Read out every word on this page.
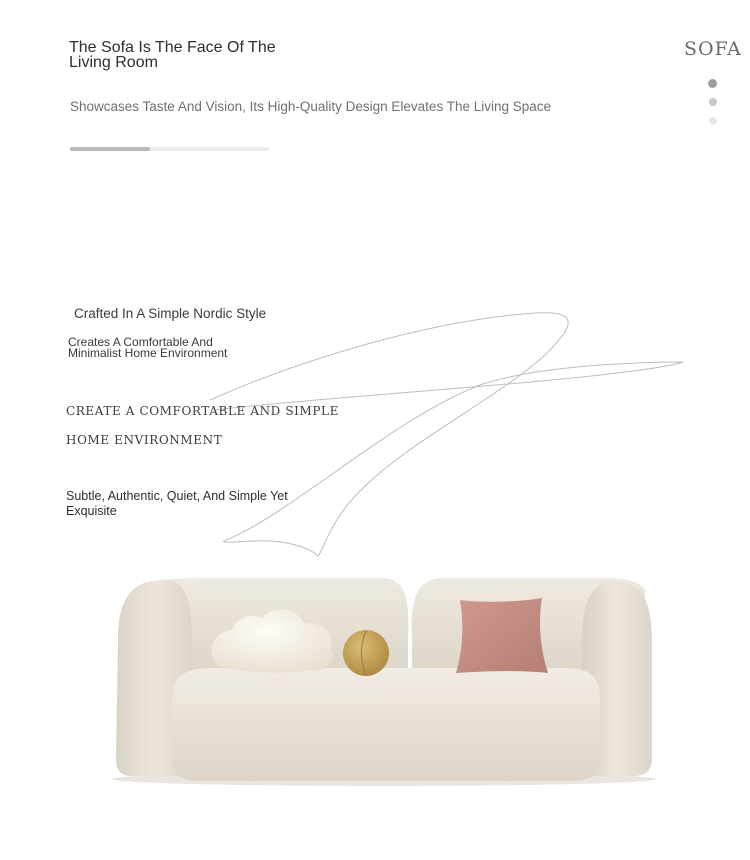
The Sofa Is The Face Of The
Living Room
SOFA
Showcases Taste And Vision, Its High-Quality Design Elevates The Living Space
Crafted In A Simple Nordic Style
Creates A Comfortable And
Minimalist Home Environment
CREATE A COMFORTABLE AND SIMPLE
HOME ENVIRONMENT
Subtle, Authentic, Quiet, And Simple Yet
Exquisite
